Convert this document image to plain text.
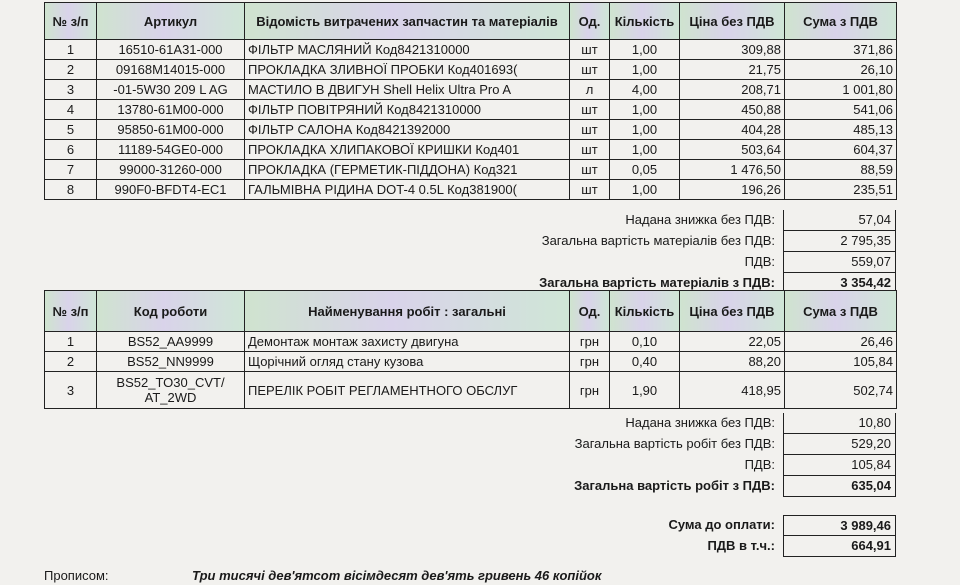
№ з/п	Артикул	Відомість витрачених запчастин та матеріалів	Од.	Кількість	Ціна без ПДВ	Сума з ПДВ
1	16510-61A31-000	ФІЛЬТР МАСЛЯНИЙ Код8421310000	шт	1,00	309,88	371,86
2	09168M14015-000	ПРОКЛАДКА ЗЛИВНОЇ ПРОБКИ Код401693(	шт	1,00	21,75	26,10
3	-01-5W30 209 L AG	МАСТИЛО В ДВИГУН Shell Helix Ultra Pro A	л	4,00	208,71	1 001,80
4	13780-61M00-000	ФІЛЬТР ПОВІТРЯНИЙ Код8421310000	шт	1,00	450,88	541,06
5	95850-61M00-000	ФІЛЬТР САЛОНА Код8421392000	шт	1,00	404,28	485,13
6	11189-54GE0-000	ПРОКЛАДКА ХЛИПАКОВОЇ КРИШКИ Код401	шт	1,00	503,64	604,37
7	99000-31260-000	ПРОКЛАДКА (ГЕРМЕТИК-ПІДДОНА) Код321	шт	0,05	1 476,50	88,59
8	990F0-BFDT4-EC1	ГАЛЬМІВНА РІДИНА DOT-4 0.5L Код381900(	шт	1,00	196,26	235,51
Надана знижка без ПДВ:	57,04
Загальна вартість матеріалів без ПДВ:	2 795,35
ПДВ:	559,07
Загальна вартість матеріалів з ПДВ:	3 354,42
№ з/п	Код роботи	Найменування робіт : загальні	Од.	Кількість	Ціна без ПДВ	Сума з ПДВ
1	BS52_AA9999	Демонтаж монтаж захисту двигуна	грн	0,10	22,05	26,46
2	BS52_NN9999	Щорічний огляд стану кузова	грн	0,40	88,20	105,84
3	BS52_TO30_CVT/ AT_2WD	ПЕРЕЛІК РОБІТ РЕГЛАМЕНТНОГО ОБСЛУГ	грн	1,90	418,95	502,74
Надана знижка без ПДВ:	10,80
Загальна вартість робіт без ПДВ:	529,20
ПДВ:	105,84
Загальна вартість робіт з ПДВ:	635,04
Сума до оплати:	3 989,46
ПДВ в т.ч.:	664,91
Прописом:	Три тисячі дев'ятсот вісімдесят дев'ять гривень 46 копійок
